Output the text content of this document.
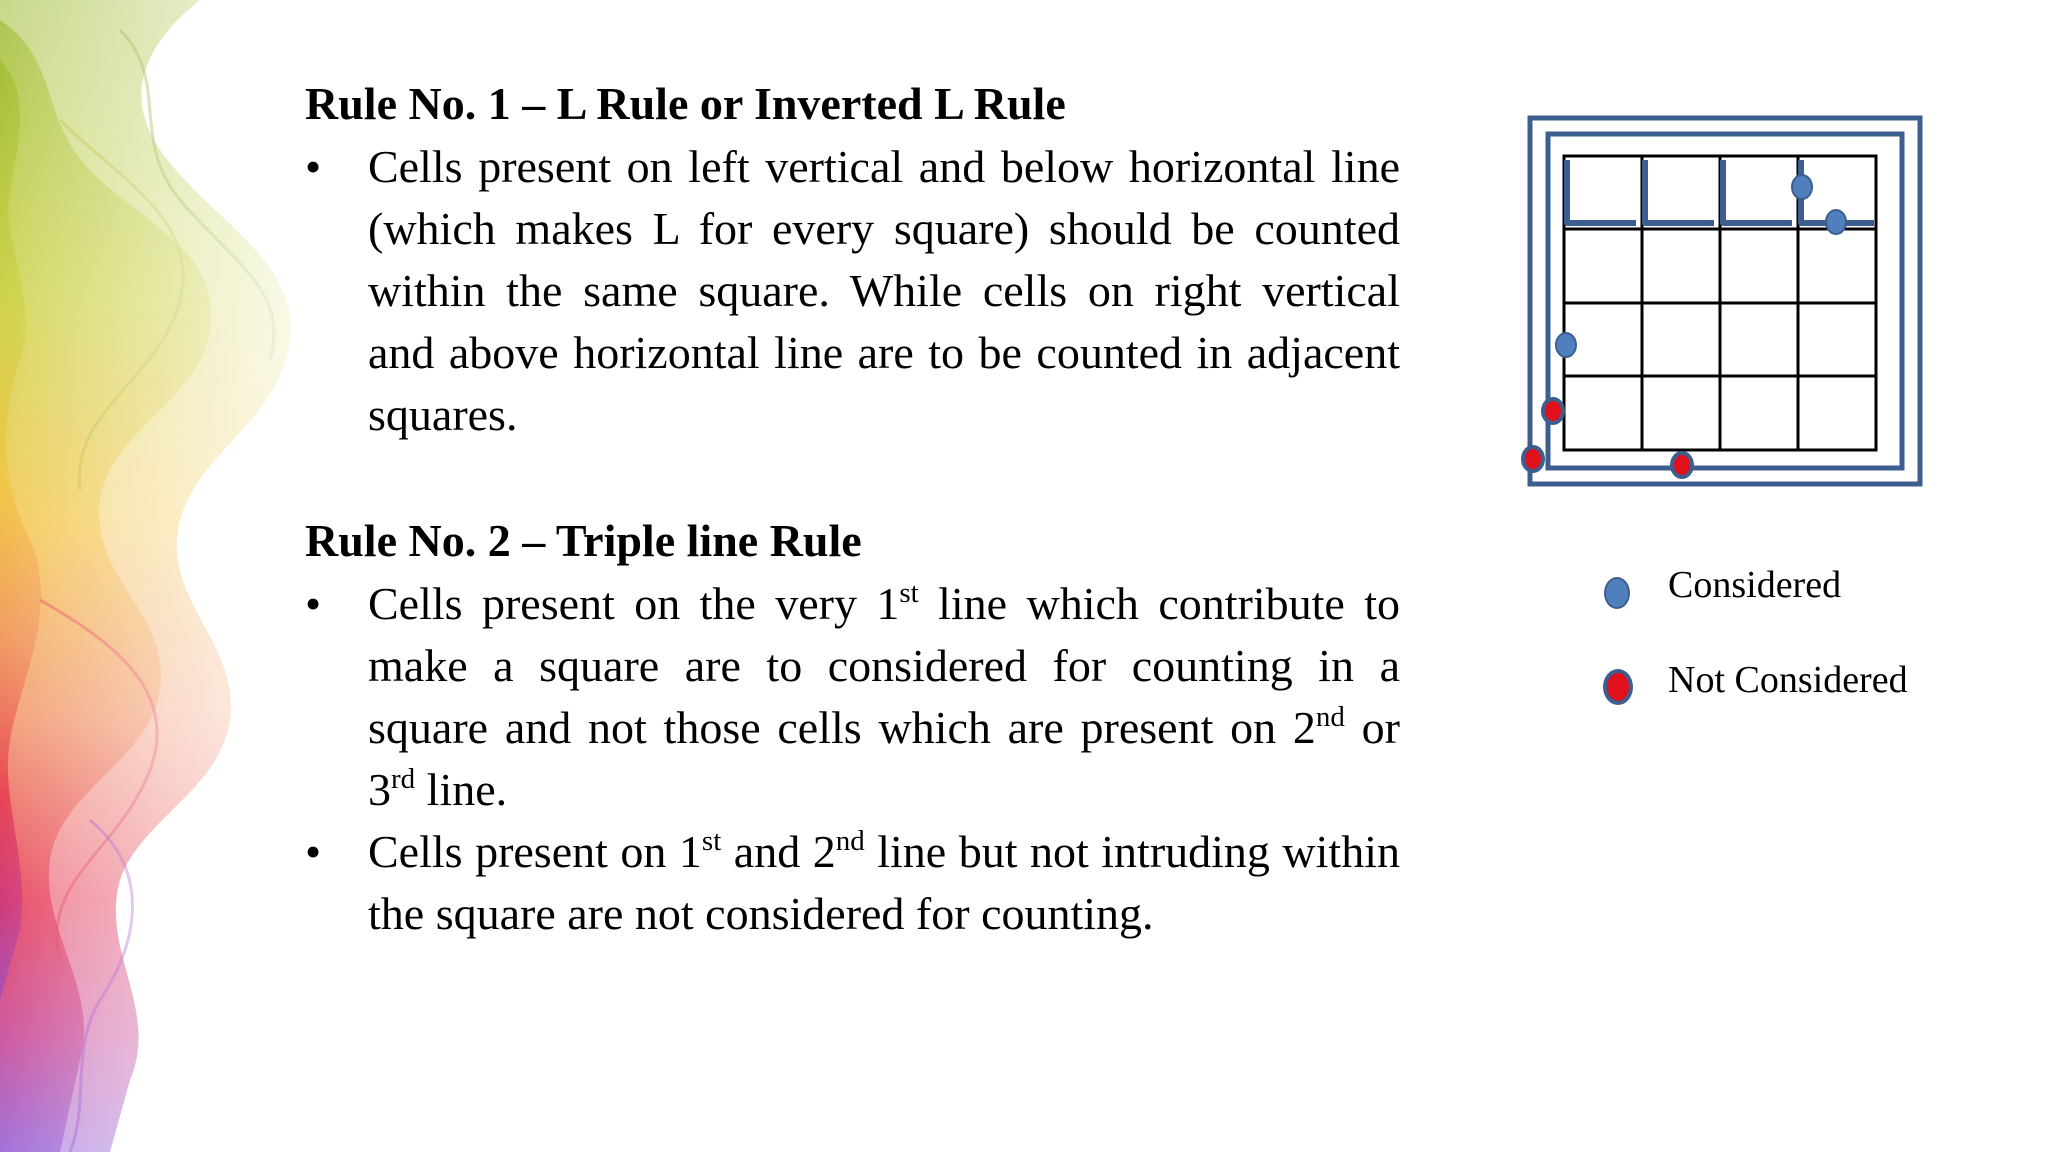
Rule No. 1 – L Rule or Inverted L Rule
• Cells present on left vertical and below horizontal line (which makes L for every square) should be counted within the same square. While cells on right vertical and above horizontal line are to be counted in adjacent squares.
Rule No. 2 – Triple line Rule
• Cells present on the very 1st line which contribute to make a square are to considered for counting in a square and not those cells which are present on 2nd or 3rd line.
• Cells present on 1st and 2nd line but not intruding within the square are not considered for counting.
Considered
Not Considered
